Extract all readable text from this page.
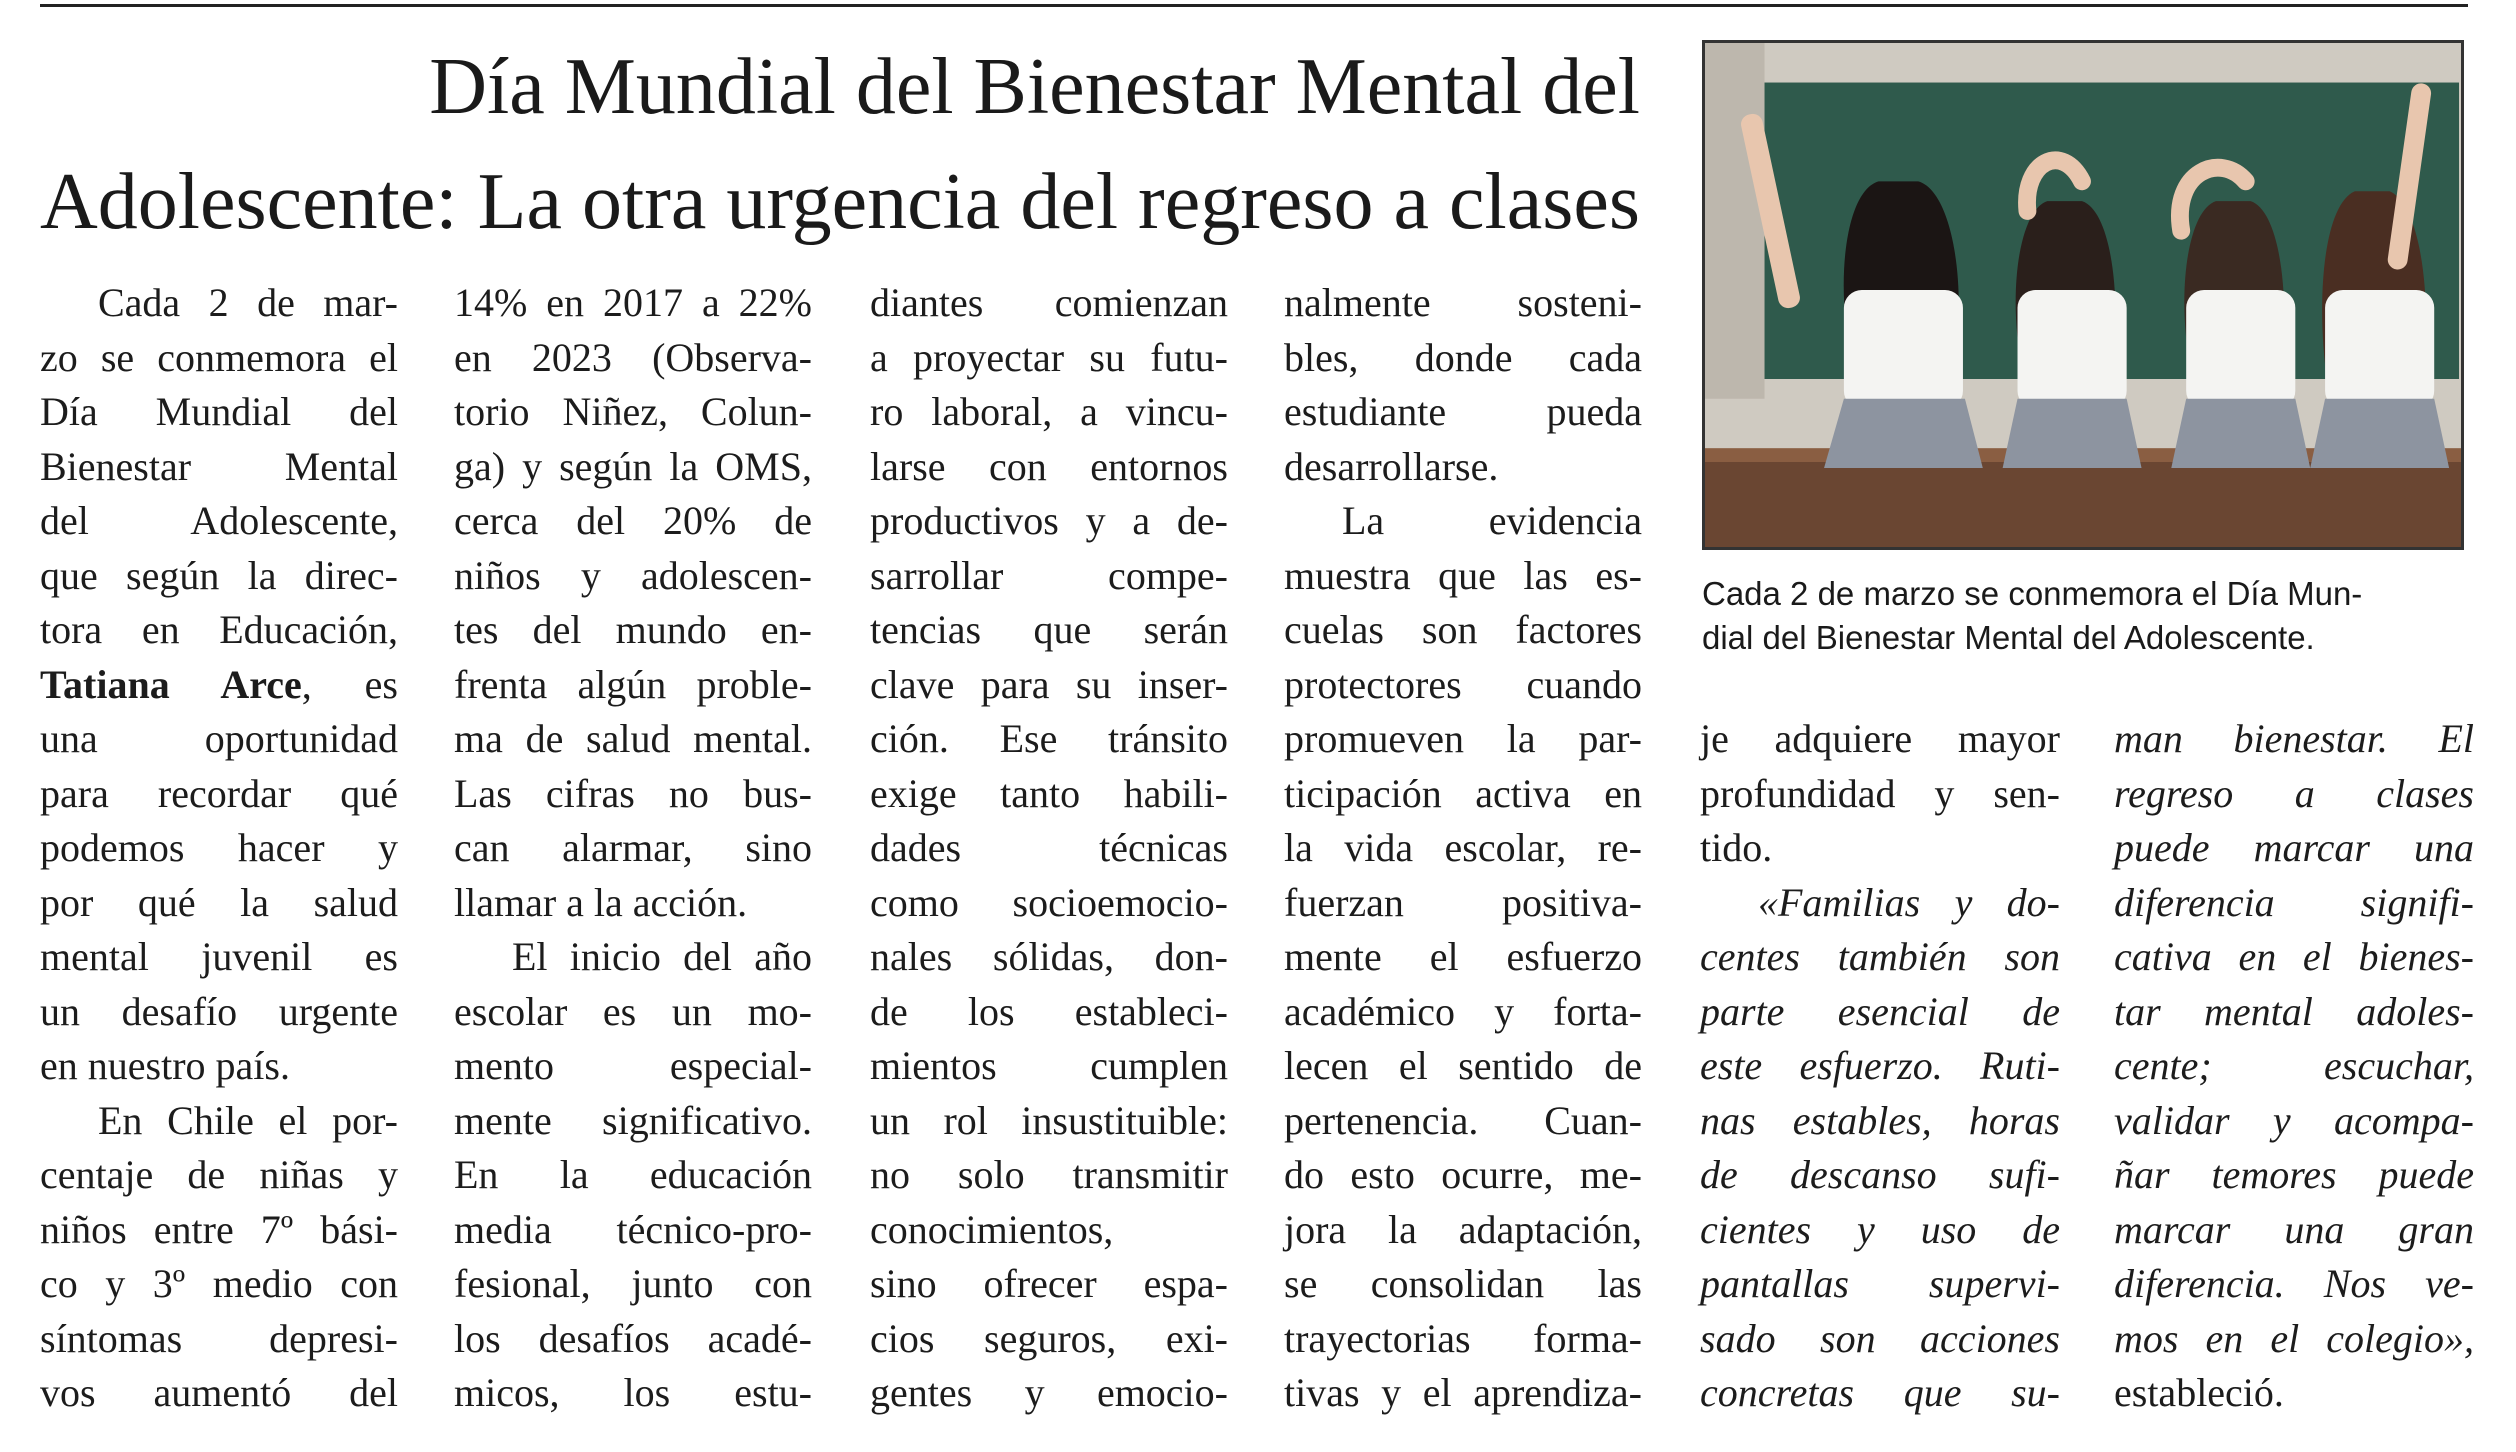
Día Mundial del Bienestar Mental del
Adolescente: La otra urgencia del regreso a clases

Cada 2 de marzo se conmemora el Día Mun-
dial del Bienestar Mental del Adolescente.

Cada 2 de mar-
zo se conmemora el
Día Mundial del
Bienestar Mental
del Adolescente,
que según la direc-
tora en Educación,
Tatiana Arce, es
una oportunidad
para recordar qué
podemos hacer y
por qué la salud
mental juvenil es
un desafío urgente
en nuestro país.
En Chile el por-
centaje de niñas y
niños entre 7º bási-
co y 3º medio con
síntomas depresi-
vos aumentó del
14% en 2017 a 22%
en 2023 (Observa-
torio Niñez, Colun-
ga) y según la OMS,
cerca del 20% de
niños y adolescen-
tes del mundo en-
frenta algún proble-
ma de salud mental.
Las cifras no bus-
can alarmar, sino
llamar a la acción.
El inicio del año
escolar es un mo-
mento especial-
mente significativo.
En la educación
media técnico-pro-
fesional, junto con
los desafíos acadé-
micos, los estu-
diantes comienzan
a proyectar su futu-
ro laboral, a vincu-
larse con entornos
productivos y a de-
sarrollar compe-
tencias que serán
clave para su inser-
ción. Ese tránsito
exige tanto habili-
dades técnicas
como socioemocio-
nales sólidas, don-
de los estableci-
mientos cumplen
un rol insustituible:
no solo transmitir
conocimientos,
sino ofrecer espa-
cios seguros, exi-
gentes y emocio-
nalmente sosteni-
bles, donde cada
estudiante pueda
desarrollarse.
La evidencia
muestra que las es-
cuelas son factores
protectores cuando
promueven la par-
ticipación activa en
la vida escolar, re-
fuerzan positiva-
mente el esfuerzo
académico y forta-
lecen el sentido de
pertenencia. Cuan-
do esto ocurre, me-
jora la adaptación,
se consolidan las
trayectorias forma-
tivas y el aprendiza-
je adquiere mayor
profundidad y sen-
tido.
«Familias y do-
centes también son
parte esencial de
este esfuerzo. Ruti-
nas estables, horas
de descanso sufi-
cientes y uso de
pantallas supervi-
sado son acciones
concretas que su-
man bienestar. El
regreso a clases
puede marcar una
diferencia signifi-
cativa en el bienes-
tar mental adoles-
cente; escuchar,
validar y acompa-
ñar temores puede
marcar una gran
diferencia. Nos ve-
mos en el colegio»,
estableció.
